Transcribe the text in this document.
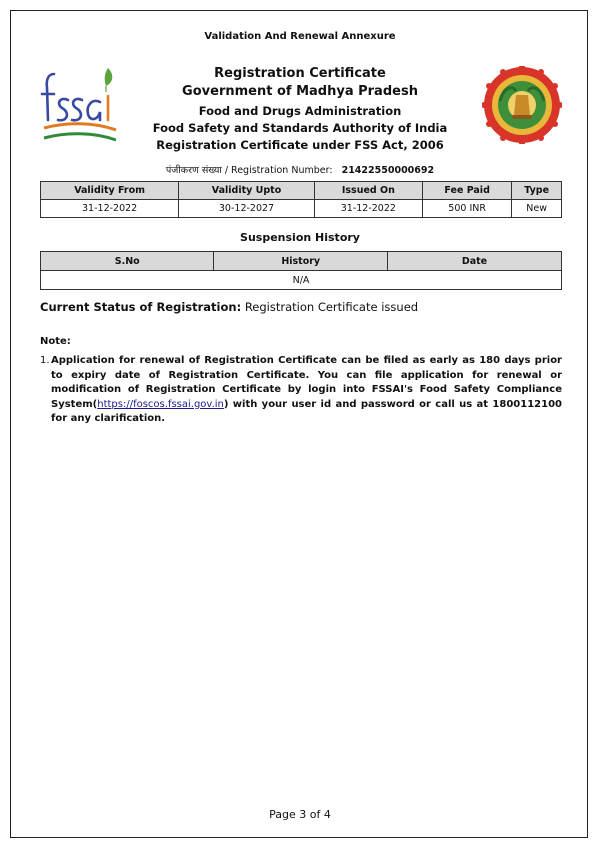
Validation And Renewal Annexure
Registration Certificate
Government of Madhya Pradesh
Food and Drugs Administration
Food Safety and Standards Authority of India
Registration Certificate under FSS Act, 2006
पंजीकरण संख्या / Registration Number: 21422550000692
Validity From	Validity Upto	Issued On	Fee Paid	Type
31-12-2022	30-12-2027	31-12-2022	500 INR	New
Suspension History
S.No	History	Date
N/A
Current Status of Registration: Registration Certificate issued
Note:
1. Application for renewal of Registration Certificate can be filed as early as 180 days prior to expiry date of Registration Certificate. You can file application for renewal or modification of Registration Certificate by login into FSSAI's Food Safety Compliance System(https://foscos.fssai.gov.in) with your user id and password or call us at 1800112100 for any clarification.
Page 3 of 4
